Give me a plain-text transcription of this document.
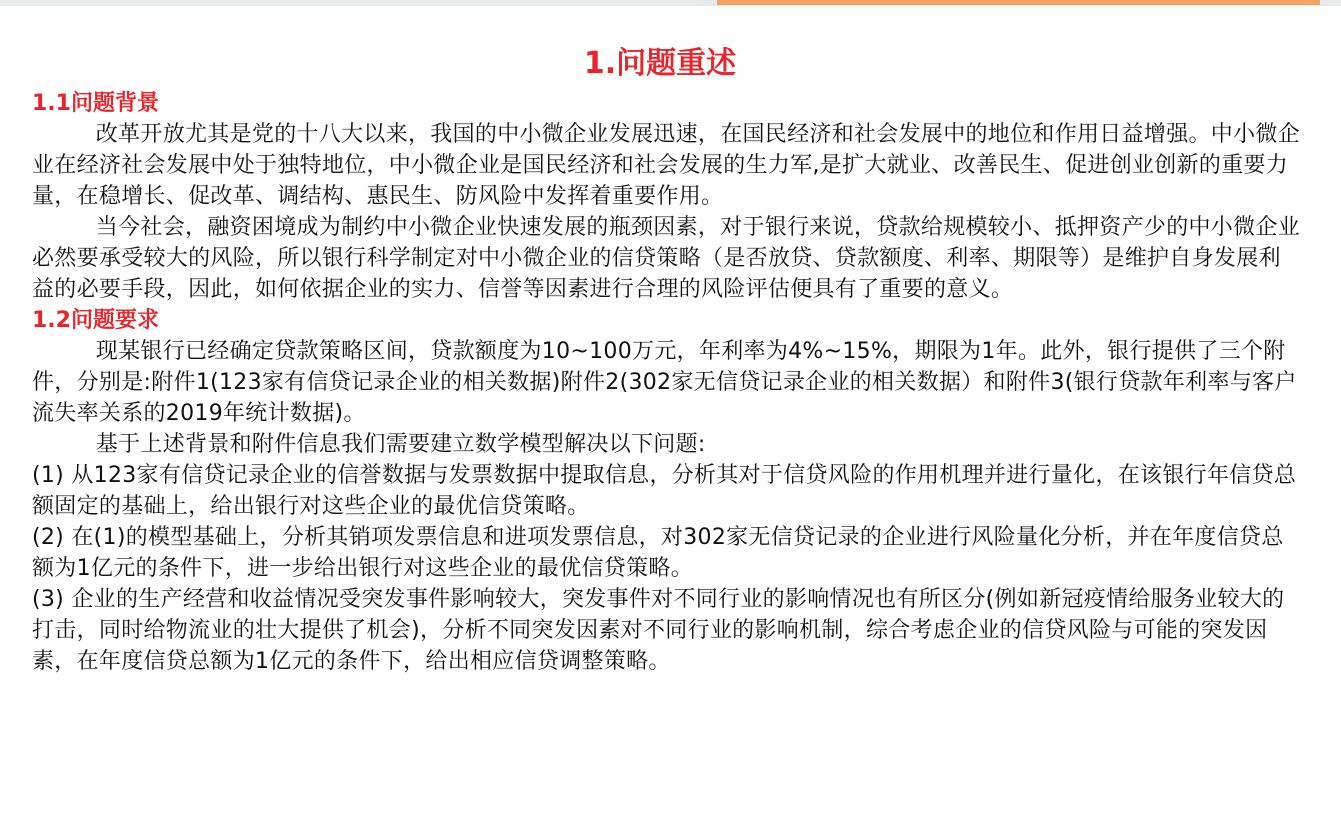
1.问题重述
1.1问题背景

改革开放尤其是党的十八大以来，我国的中小微企业发展迅速，在国民经济和社会发展中的地位和作用日益增强。中小微企业在经济社会发展中处于独特地位，中小微企业是国民经济和社会发展的生力军,是扩大就业、改善民生、促进创业创新的重要力量，在稳增长、促改革、调结构、惠民生、防风险中发挥着重要作用。

当今社会，融资困境成为制约中小微企业快速发展的瓶颈因素，对于银行来说，贷款给规模较小、抵押资产少的中小微企业必然要承受较大的风险，所以银行科学制定对中小微企业的信贷策略（是否放贷、贷款额度、利率、期限等）是维护自身发展利益的必要手段，因此，如何依据企业的实力、信誉等因素进行合理的风险评估便具有了重要的意义。

1.2问题要求

现某银行已经确定贷款策略区间，贷款额度为10~100万元，年利率为4%~15%，期限为1年。此外，银行提供了三个附件，分别是:附件1(123家有信贷记录企业的相关数据)附件2(302家无信贷记录企业的相关数据）和附件3(银行贷款年利率与客户流失率关系的2019年统计数据)。

基于上述背景和附件信息我们需要建立数学模型解决以下问题:

(1) 从123家有信贷记录企业的信誉数据与发票数据中提取信息，分析其对于信贷风险的作用机理并进行量化，在该银行年信贷总额固定的基础上，给出银行对这些企业的最优信贷策略。

(2) 在(1)的模型基础上，分析其销项发票信息和进项发票信息，对302家无信贷记录的企业进行风险量化分析，并在年度信贷总额为1亿元的条件下，进一步给出银行对这些企业的最优信贷策略。

(3) 企业的生产经营和收益情况受突发事件影响较大，突发事件对不同行业的影响情况也有所区分(例如新冠疫情给服务业较大的打击，同时给物流业的壮大提供了机会)，分析不同突发因素对不同行业的影响机制，综合考虑企业的信贷风险与可能的突发因素，在年度信贷总额为1亿元的条件下，给出相应信贷调整策略。
